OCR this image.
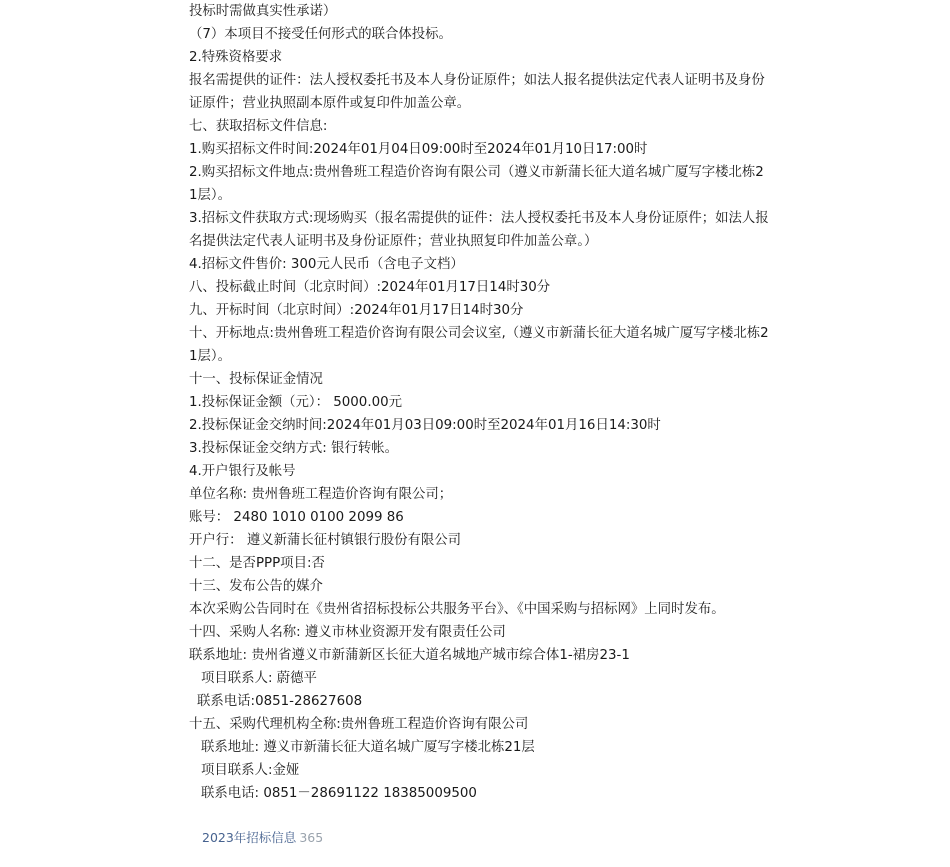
投标时需做真实性承诺）

（7）本项目不接受任何形式的联合体投标。

2.特殊资格要求

报名需提供的证件：法人授权委托书及本人身份证原件；如法人报名提供法定代表人证明书及身份证原件；营业执照副本原件或复印件加盖公章。

七、获取招标文件信息:

1.购买招标文件时间:2024年01月04日09:00时至2024年01月10日17:00时

2.购买招标文件地点:贵州鲁班工程造价咨询有限公司（遵义市新蒲长征大道名城广厦写字楼北栋21层）。

3.招标文件获取方式:现场购买（报名需提供的证件：法人授权委托书及本人身份证原件；如法人报名提供法定代表人证明书及身份证原件；营业执照复印件加盖公章。）

4.招标文件售价: 300元人民币（含电子文档）

八、投标截止时间（北京时间）:2024年01月17日14时30分

九、开标时间（北京时间）:2024年01月17日14时30分

十、开标地点:贵州鲁班工程造价咨询有限公司会议室,（遵义市新蒲长征大道名城广厦写字楼北栋21层）。

十一、投标保证金情况

1.投标保证金额（元）： 5000.00元

2.投标保证金交纳时间:2024年01月03日09:00时至2024年01月16日14:30时

3.投标保证金交纳方式: 银行转帐。

4.开户银行及帐号

单位名称: 贵州鲁班工程造价咨询有限公司；

账号： 2480 1010 0100 2099 86

开户行： 遵义新蒲长征村镇银行股份有限公司

十二、是否PPP项目:否

十三、发布公告的媒介

本次采购公告同时在《贵州省招标投标公共服务平台》、《中国采购与招标网》上同时发布。

十四、采购人名称: 遵义市林业资源开发有限责任公司

联系地址: 贵州省遵义市新蒲新区长征大道名城地产城市综合体1-裙房23-1

项目联系人: 蔚德平

联系电话:0851-28627608

十五、采购代理机构全称:贵州鲁班工程造价咨询有限公司

联系地址: 遵义市新蒲长征大道名城广厦写字楼北栋21层

项目联系人:金娅

联系电话: 0851－28691122 18385009500

2023年招标信息 365
